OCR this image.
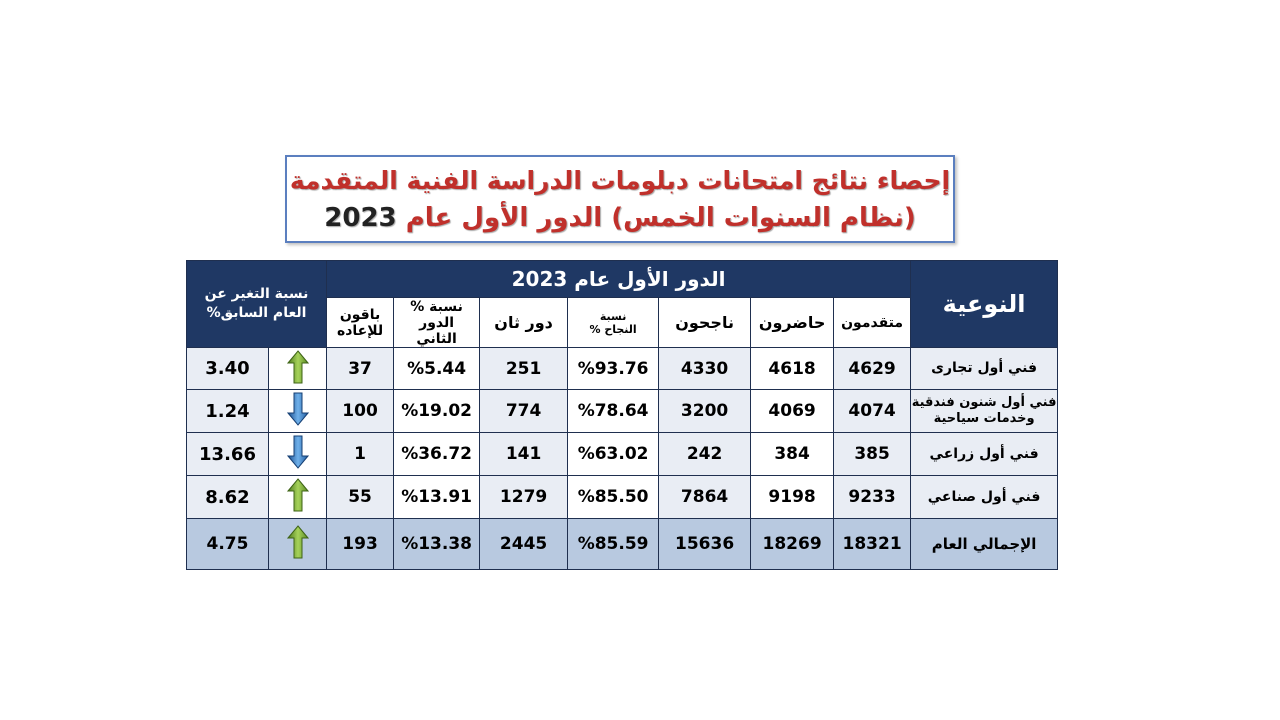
إحصاء نتائج امتحانات دبلومات الدراسة الفنية المتقدمة
(نظام السنوات الخمس) الدور الأول عام 2023
النوعية	الدور الأول عام 2023							نسبة التغير عن العام السابق%	
	متقدمون	حاضرون	ناجحون	نسبة النجاح %	دور ثان	نسبة % الدور الثاني	باقون للإعاده		
فني أول تجارى	4629	4618	4330	%93.76	251	%5.44	37		3.40
فني أول شنون فندقية وخدمات سياحية	4074	4069	3200	%78.64	774	%19.02	100		1.24
فني أول زراعي	385	384	242	%63.02	141	%36.72	1		13.66
فني أول صناعي	9233	9198	7864	%85.50	1279	%13.91	55		8.62
الإجمالي العام	18321	18269	15636	%85.59	2445	%13.38	193		4.75
